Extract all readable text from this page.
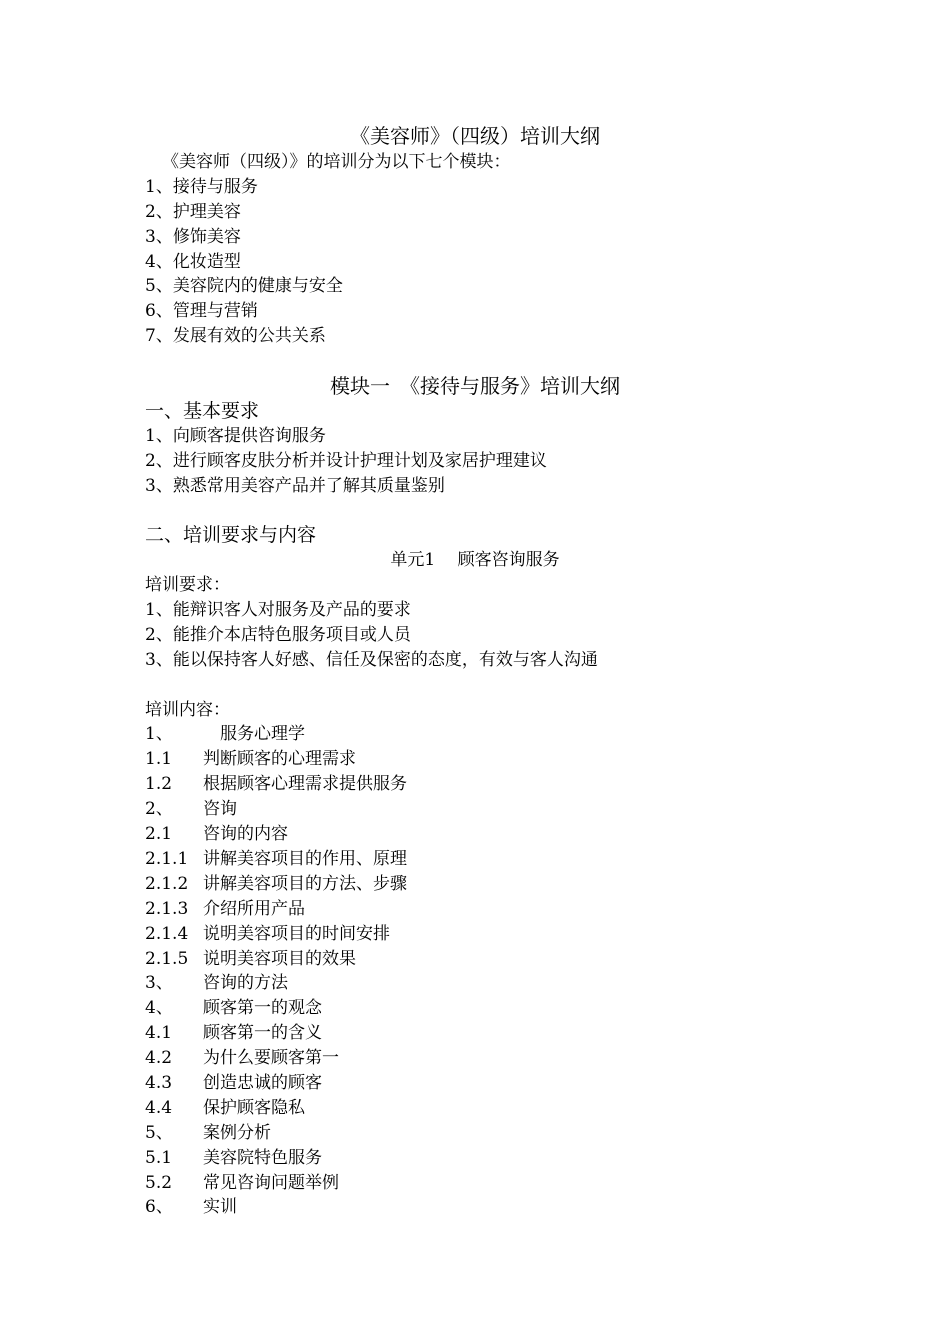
《美容师》（四级）培训大纲
《美容师（四级）》的培训分为以下七个模块：
1、接待与服务
2、护理美容
3、修饰美容
4、化妆造型
5、美容院内的健康与安全
6、管理与营销
7、发展有效的公共关系
模块一　《接待与服务》培训大纲
一、基本要求
1、向顾客提供咨询服务
2、进行顾客皮肤分析并设计护理计划及家居护理建议
3、熟悉常用美容产品并了解其质量鉴别
二、培训要求与内容
单元1　 顾客咨询服务
培训要求：
1、能辩识客人对服务及产品的要求
2、能推介本店特色服务项目或人员
3、能以保持客人好感、信任及保密的态度，有效与客人沟通
培训内容：
1、	服务心理学
1.1 判断顾客的心理需求
1.2 根据顾客心理需求提供服务
2、 咨询
2.1 咨询的内容
2.1.1 讲解美容项目的作用、原理
2.1.2 讲解美容项目的方法、步骤
2.1.3 介绍所用产品
2.1.4 说明美容项目的时间安排
2.1.5 说明美容项目的效果
3、 咨询的方法
4、 顾客第一的观念
4.1 顾客第一的含义
4.2 为什么要顾客第一
4.3 创造忠诚的顾客
4.4 保护顾客隐私
5、 案例分析
5.1 美容院特色服务
5.2 常见咨询问题举例
6、 实训
